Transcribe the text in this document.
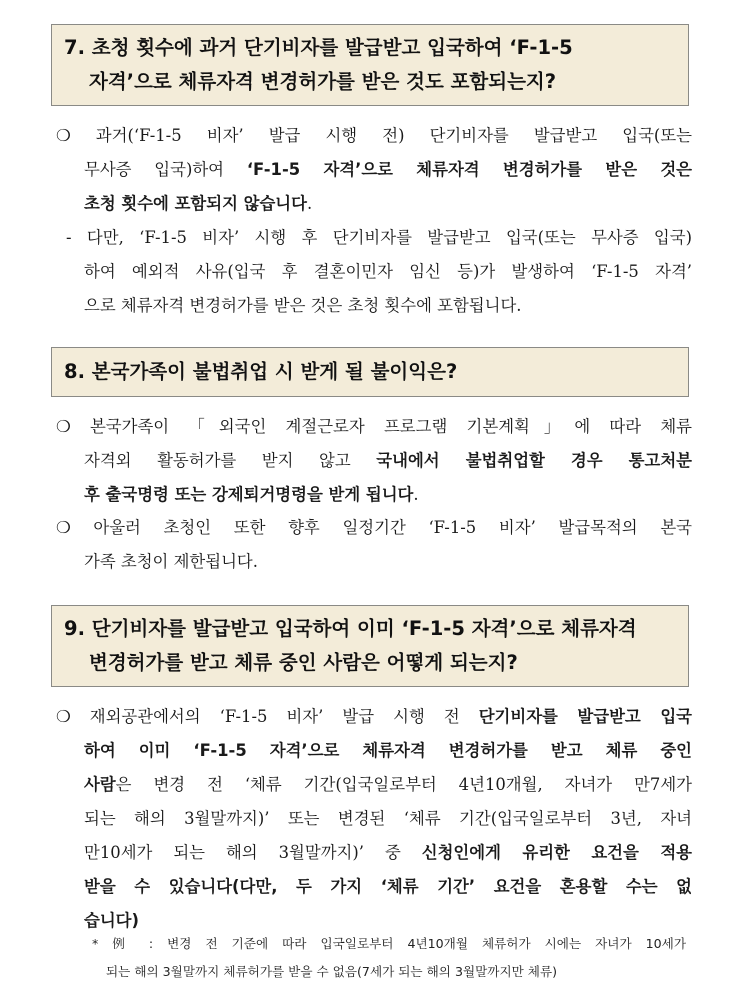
7. 초청 횟수에 과거 단기비자를 발급받고 입국하여 ‘F-1-5
자격’으로 체류자격 변경허가를 받은 것도 포함되는지?
❍ 과거(‘F-1-5 비자’ 발급 시행 전) 단기비자를 발급받고 입국(또는
무사증 입국)하여 ‘F-1-5 자격’으로 체류자격 변경허가를 받은 것은
초청 횟수에 포함되지 않습니다.
- 다만, ‘F-1-5 비자’ 시행 후 단기비자를 발급받고 입국(또는 무사증 입국)
하여 예외적 사유(입국 후 결혼이민자 임신 등)가 발생하여 ‘F-1-5 자격’
으로 체류자격 변경허가를 받은 것은 초청 횟수에 포함됩니다.
8. 본국가족이 불법취업 시 받게 될 불이익은?
❍ 본국가족이 「외국인 계절근로자 프로그램 기본계획」에 따라 체류
자격외 활동허가를 받지 않고 국내에서 불법취업할 경우 통고처분
후 출국명령 또는 강제퇴거명령을 받게 됩니다.
❍ 아울러 초청인 또한 향후 일정기간 ‘F-1-5 비자’ 발급목적의 본국
가족 초청이 제한됩니다.
9. 단기비자를 발급받고 입국하여 이미 ‘F-1-5 자격’으로 체류자격
변경허가를 받고 체류 중인 사람은 어떻게 되는지?
❍ 재외공관에서의 ‘F-1-5 비자’ 발급 시행 전 단기비자를 발급받고 입국
하여 이미 ‘F-1-5 자격’으로 체류자격 변경허가를 받고 체류 중인
사람은 변경 전 ‘체류 기간(입국일로부터 4년10개월, 자녀가 만7세가
되는 해의 3월말까지)’ 또는 변경된 ‘체류 기간(입국일로부터 3년, 자녀
만10세가 되는 해의 3월말까지)’ 중 신청인에게 유리한 요건을 적용
받을 수 있습니다(다만, 두 가지 ‘체류 기간’ 요건을 혼용할 수는 없
습니다)
* 例 : 변경 전 기준에 따라 입국일로부터 4년10개월 체류허가 시에는 자녀가 10세가
되는 해의 3월말까지 체류허가를 받을 수 없음(7세가 되는 해의 3월말까지만 체류)
